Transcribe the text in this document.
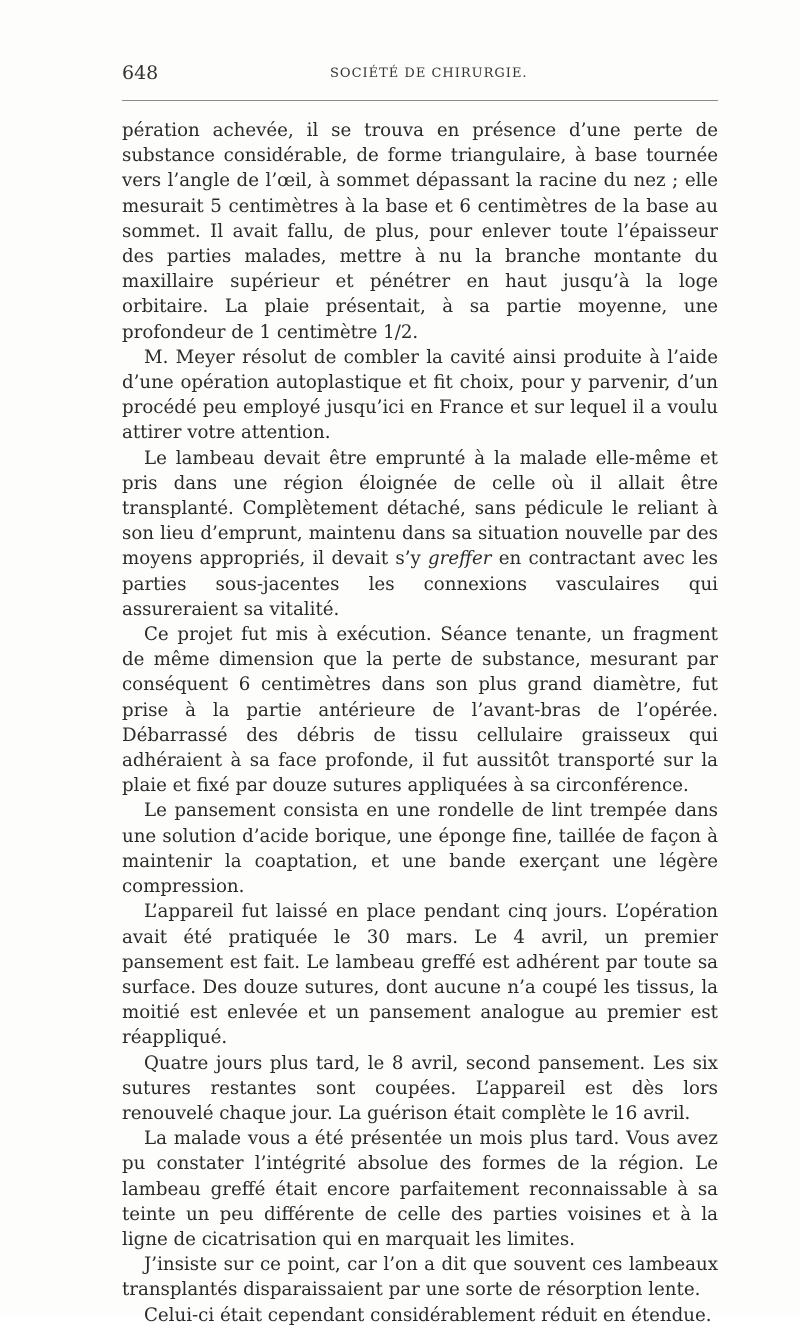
648	SOCIÉTÉ DE CHIRURGIE.

pération achevée, il se trouva en présence d’une perte de substance considérable, de forme triangulaire, à base tournée vers l’angle de l’œil, à sommet dépassant la racine du nez ; elle mesurait 5 centimètres à la base et 6 centimètres de la base au sommet. Il avait fallu, de plus, pour enlever toute l’épaisseur des parties malades, mettre à nu la branche montante du maxillaire supérieur et pénétrer en haut jusqu’à la loge orbitaire. La plaie présentait, à sa partie moyenne, une profondeur de 1 centimètre 1/2.

M. Meyer résolut de combler la cavité ainsi produite à l’aide d’une opération autoplastique et fit choix, pour y parvenir, d’un procédé peu employé jusqu’ici en France et sur lequel il a voulu attirer votre attention.

Le lambeau devait être emprunté à la malade elle-même et pris dans une région éloignée de celle où il allait être transplanté. Complètement détaché, sans pédicule le reliant à son lieu d’emprunt, maintenu dans sa situation nouvelle par des moyens appropriés, il devait s’y greffer en contractant avec les parties sous-jacentes les connexions vasculaires qui assureraient sa vitalité.

Ce projet fut mis à exécution. Séance tenante, un fragment de même dimension que la perte de substance, mesurant par conséquent 6 centimètres dans son plus grand diamètre, fut prise à la partie antérieure de l’avant-bras de l’opérée. Débarrassé des débris de tissu cellulaire graisseux qui adhéraient à sa face profonde, il fut aussitôt transporté sur la plaie et fixé par douze sutures appliquées à sa circonférence.

Le pansement consista en une rondelle de lint trempée dans une solution d’acide borique, une éponge fine, taillée de façon à maintenir la coaptation, et une bande exerçant une légère compression.

L’appareil fut laissé en place pendant cinq jours. L’opération avait été pratiquée le 30 mars. Le 4 avril, un premier pansement est fait. Le lambeau greffé est adhérent par toute sa surface. Des douze sutures, dont aucune n’a coupé les tissus, la moitié est enlevée et un pansement analogue au premier est réappliqué.

Quatre jours plus tard, le 8 avril, second pansement. Les six sutures restantes sont coupées. L’appareil est dès lors renouvelé chaque jour. La guérison était complète le 16 avril.

La malade vous a été présentée un mois plus tard. Vous avez pu constater l’intégrité absolue des formes de la région. Le lambeau greffé était encore parfaitement reconnaissable à sa teinte un peu différente de celle des parties voisines et à la ligne de cicatrisation qui en marquait les limites.

J’insiste sur ce point, car l’on a dit que souvent ces lambeaux transplantés disparaissaient par une sorte de résorption lente.

Celui-ci était cependant considérablement réduit en étendue.
